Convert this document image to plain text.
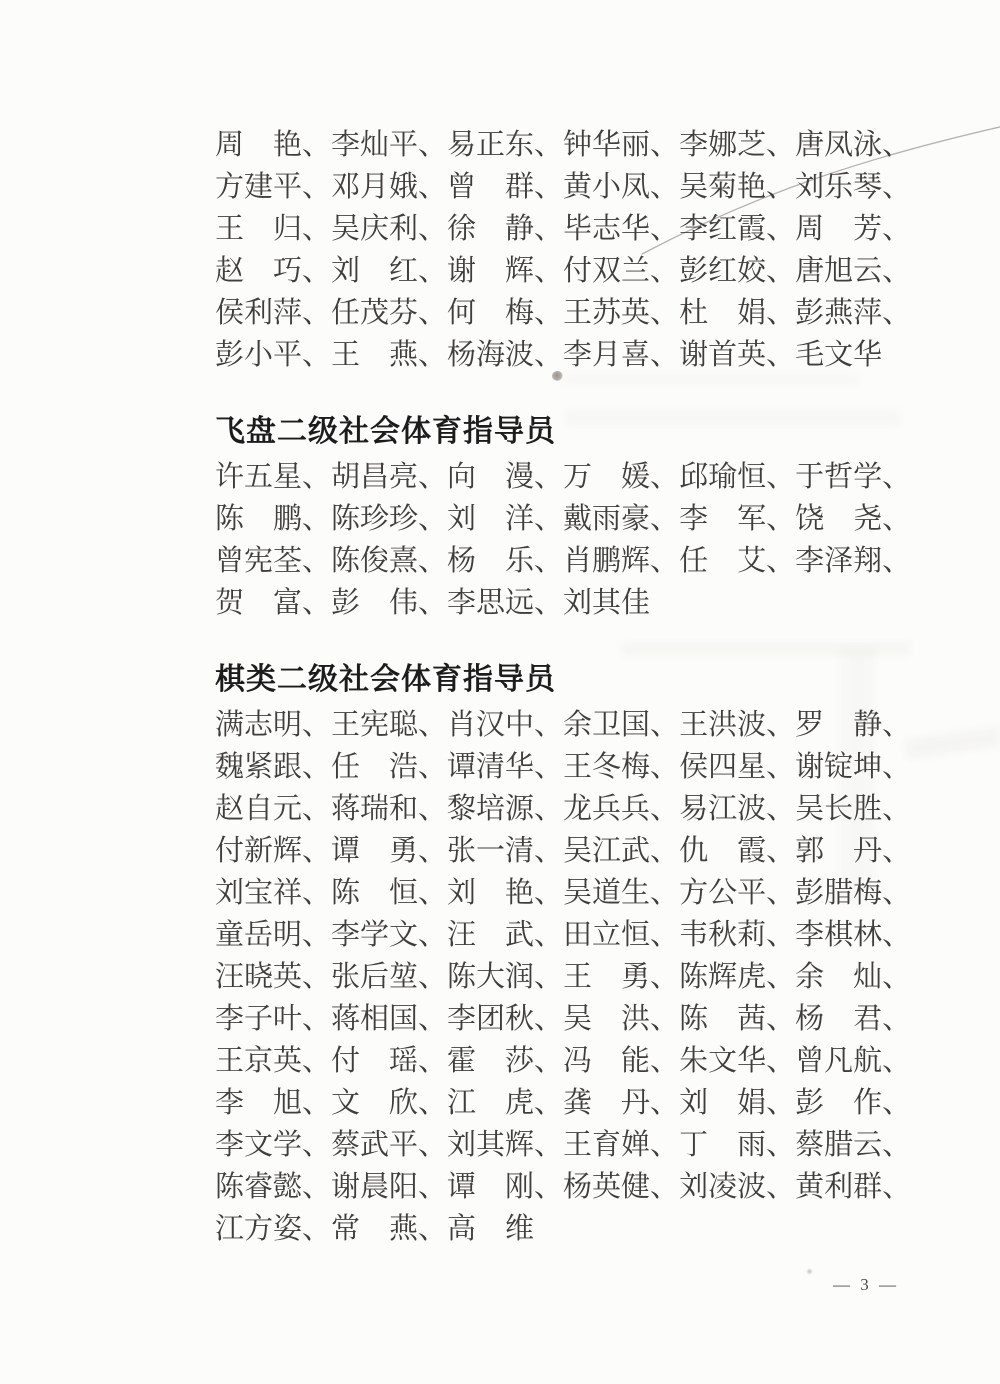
周　艳、 李灿平、 易正东、 钟华丽、 李娜芝、 唐凤泳、
方建平、 邓月娥、 曾　群、 黄小凤、 吴菊艳、 刘乐琴、
王　归、 吴庆利、 徐　静、 毕志华、 李红霞、 周　芳、
赵　巧、 刘　红、 谢　辉、 付双兰、 彭红姣、 唐旭云、
侯利萍、 任茂芬、 何　梅、 王苏英、 杜　娟、 彭燕萍、
彭小平、 王　燕、 杨海波、 李月喜、 谢首英、 毛文华
飞盘二级社会体育指导员
许五星、 胡昌亮、 向　漫、 万　媛、 邱瑜恒、 于哲学、
陈　鹏、 陈珍珍、 刘　洋、 戴雨豪、 李　军、 饶　尧、
曾宪荃、 陈俊熹、 杨　乐、 肖鹏辉、 任　艾、 李泽翔、
贺　富、 彭　伟、 李思远、 刘其佳
棋类二级社会体育指导员
满志明、 王宪聪、 肖汉中、 余卫国、 王洪波、 罗　静、
魏紧跟、 任　浩、 谭清华、 王冬梅、 侯四星、 谢锭坤、
赵自元、 蒋瑞和、 黎培源、 龙兵兵、 易江波、 吴长胜、
付新辉、 谭　勇、 张一清、 吴江武、 仇　霞、 郭　丹、
刘宝祥、 陈　恒、 刘　艳、 吴道生、 方公平、 彭腊梅、
童岳明、 李学文、 汪　武、 田立恒、 韦秋莉、 李棋林、
汪晓英、 张后堃、 陈大润、 王　勇、 陈辉虎、 余　灿、
李子叶、 蒋相国、 李团秋、 吴　洪、 陈　茜、 杨　君、
王京英、 付　瑶、 霍　莎、 冯　能、 朱文华、 曾凡航、
李　旭、 文　欣、 江　虎、 龚　丹、 刘　娟、 彭　作、
李文学、 蔡武平、 刘其辉、 王育婵、 丁　雨、 蔡腊云、
陈睿懿、 谢晨阳、 谭　刚、 杨英健、 刘凌波、 黄利群、
江方姿、 常　燕、 高　维
— 3 —
